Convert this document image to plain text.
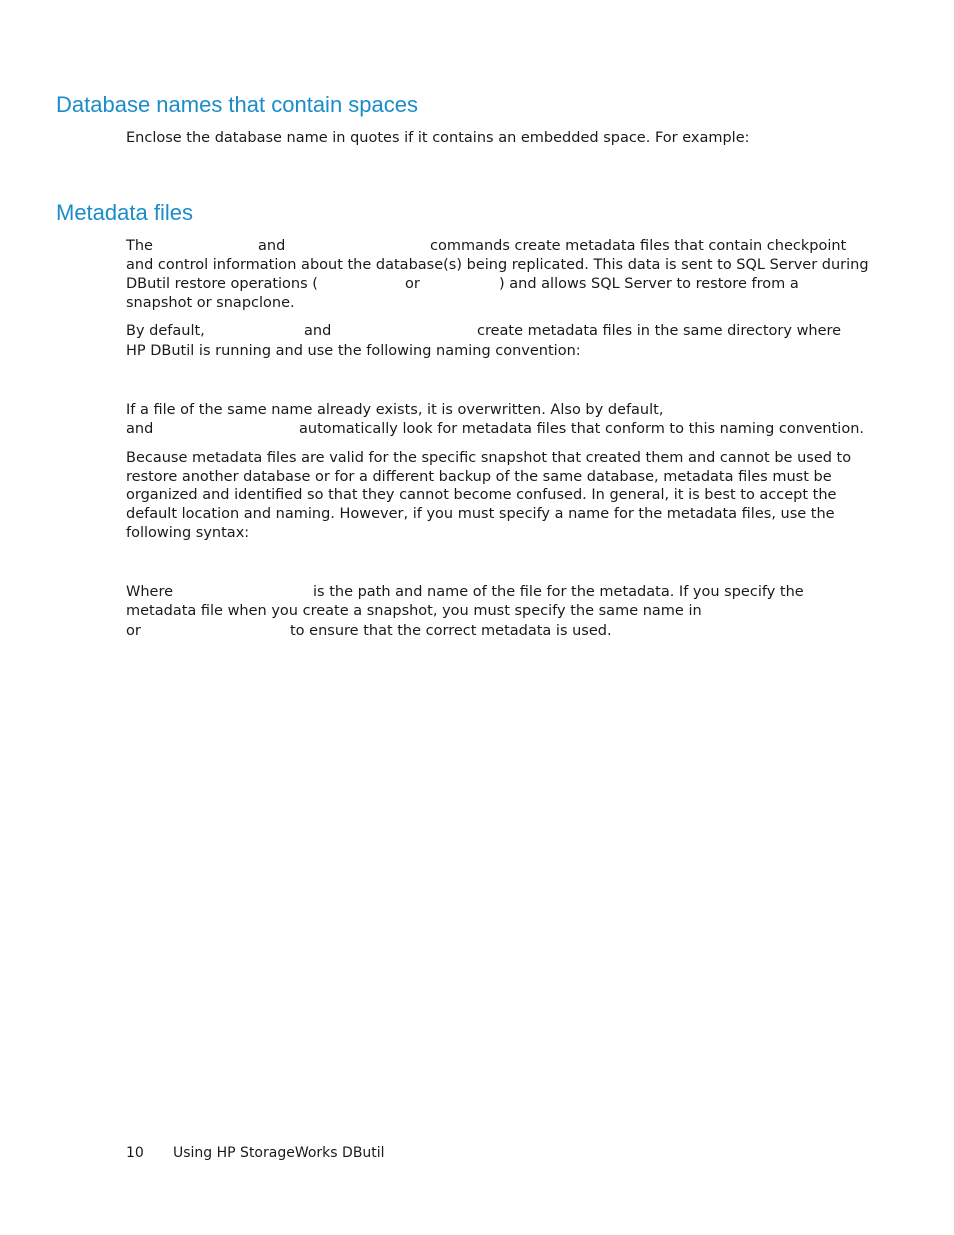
Database names that contain spaces
Enclose the database name in quotes if it contains an embedded space. For example:
Metadata files
The	and	commands create metadata files that contain checkpoint
and control information about the database(s) being replicated. This data is sent to SQL Server during
DButil restore operations (	or	) and allows SQL Server to restore from a
snapshot or snapclone.
By default,	and	create metadata files in the same directory where
HP DButil is running and use the following naming convention:
If a file of the same name already exists, it is overwritten. Also by default,
and	automatically look for metadata files that conform to this naming convention.
Because metadata files are valid for the specific snapshot that created them and cannot be used to
restore another database or for a different backup of the same database, metadata files must be
organized and identified so that they cannot become confused. In general, it is best to accept the
default location and naming. However, if you must specify a name for the metadata files, use the
following syntax:
Where	is the path and name of the file for the metadata. If you specify the
metadata file when you create a snapshot, you must specify the same name in
or	to ensure that the correct metadata is used.
10 Using HP StorageWorks DButil
